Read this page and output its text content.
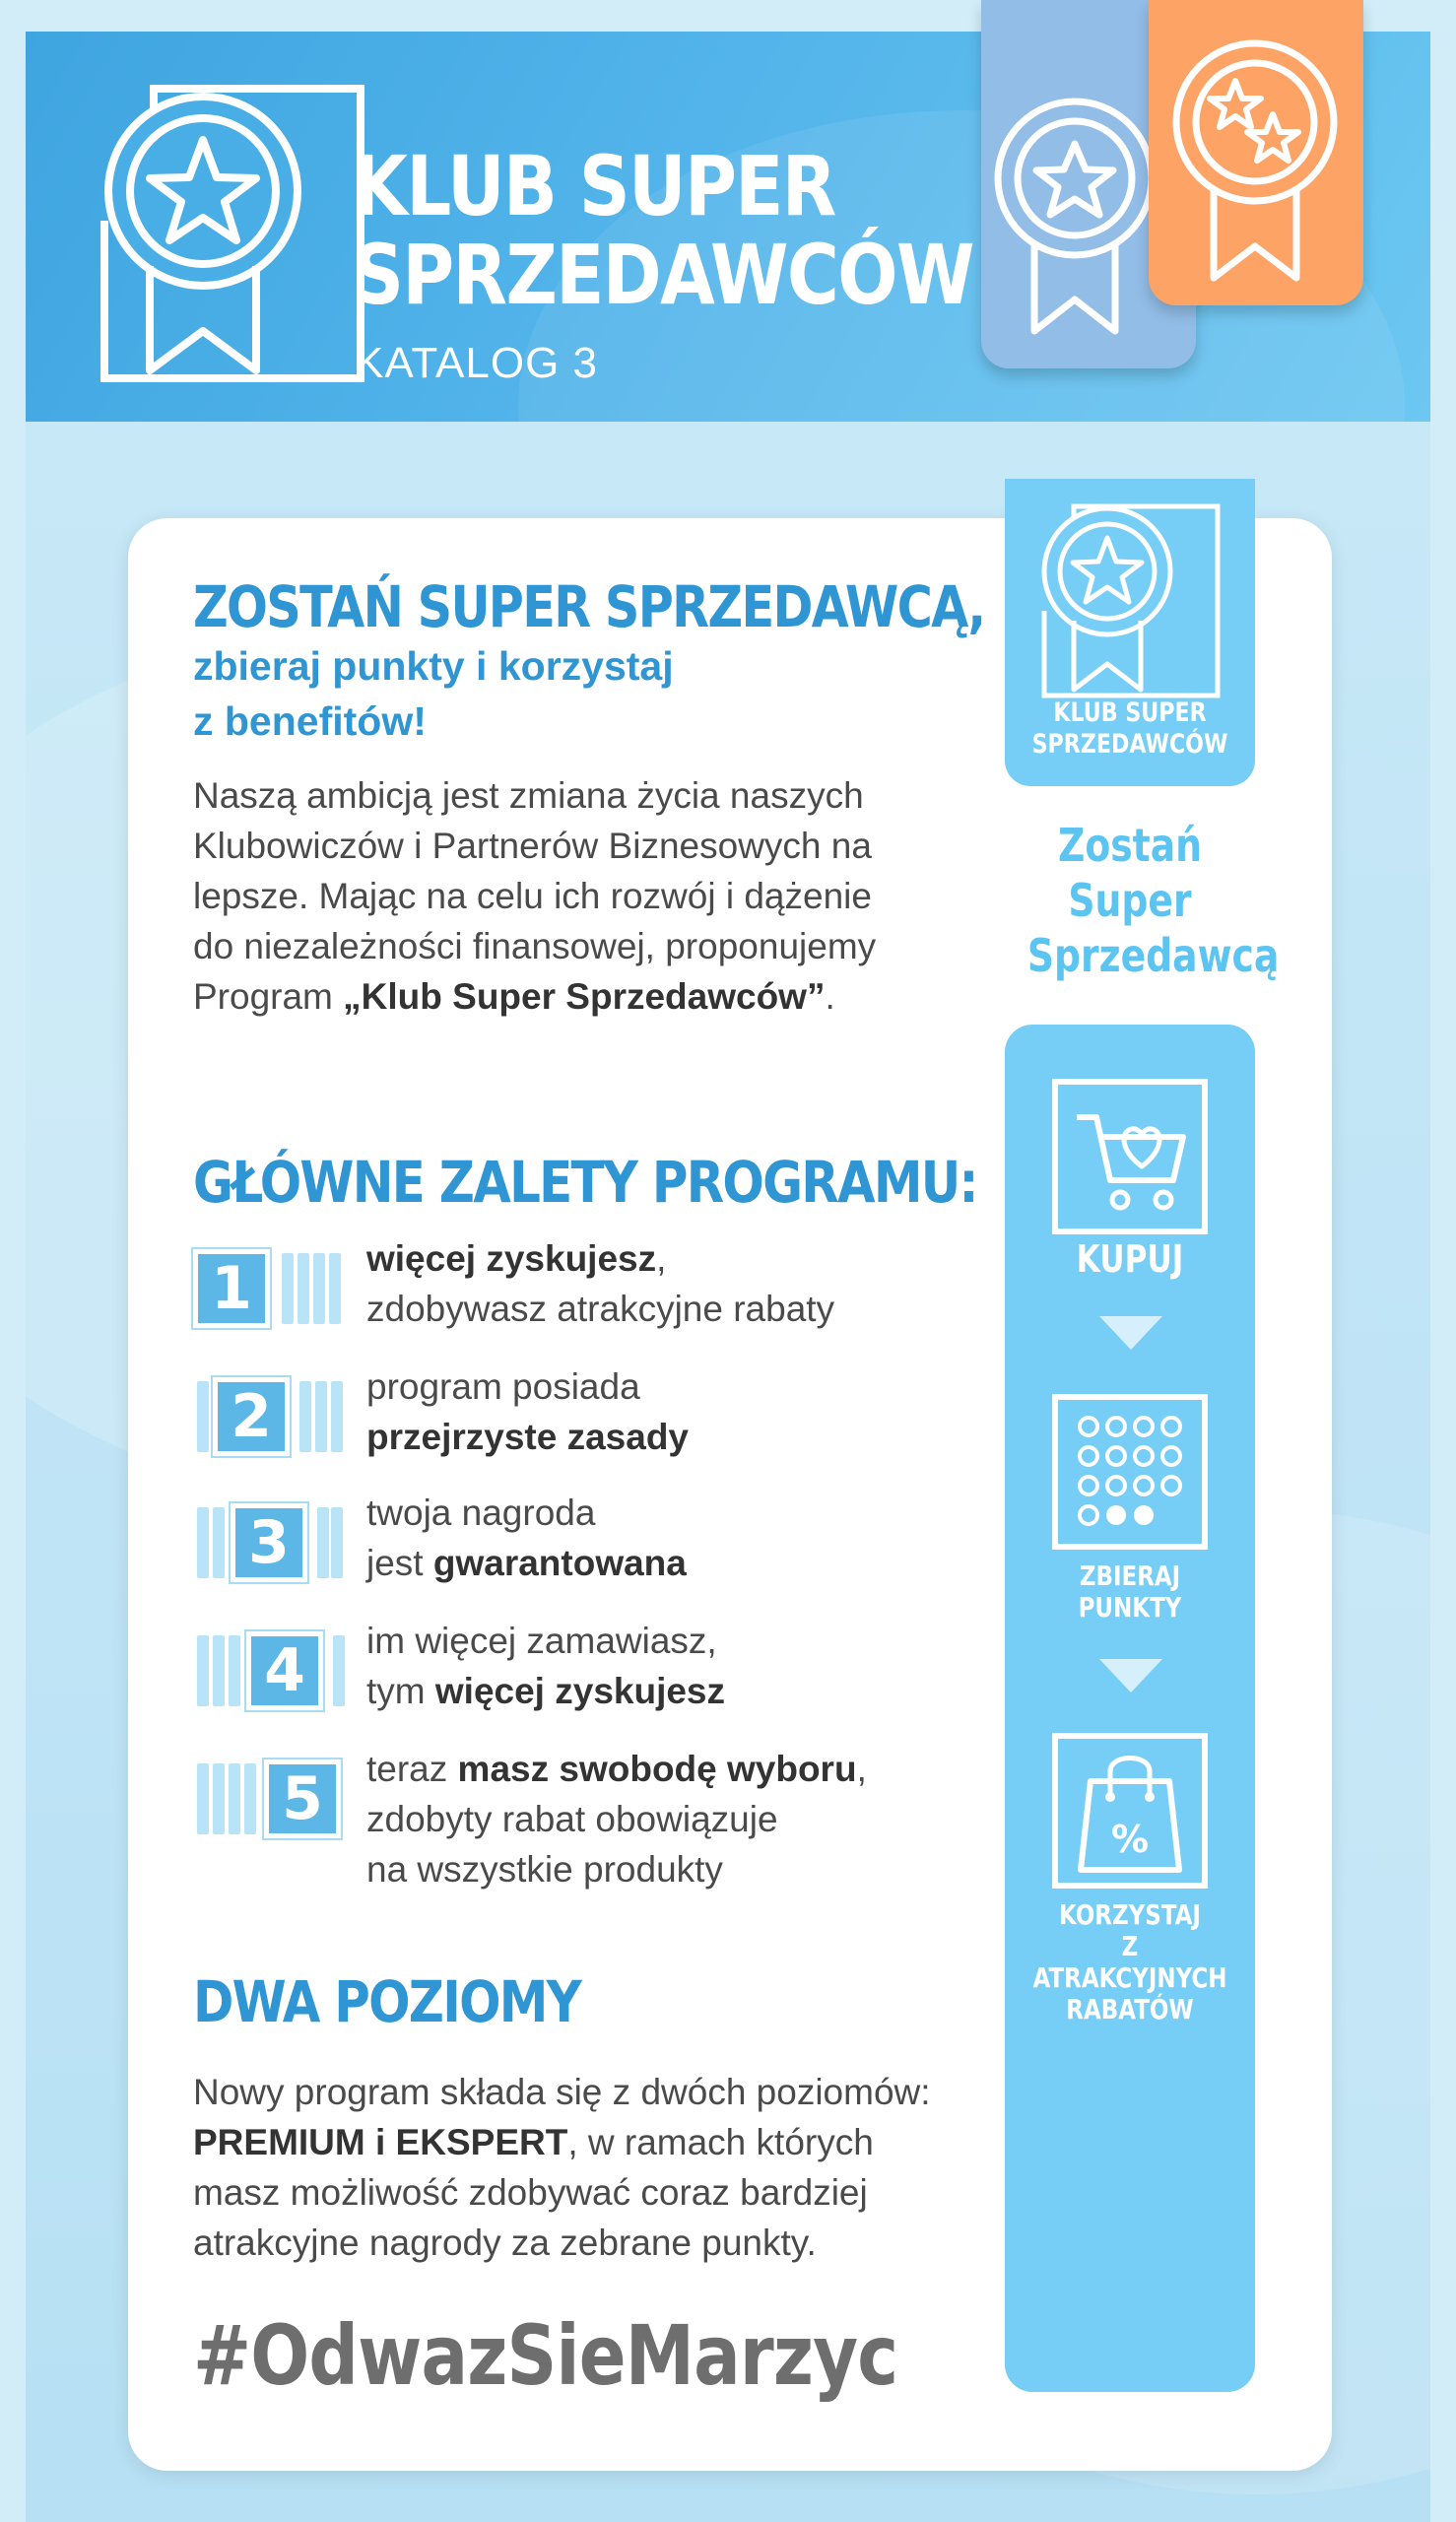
KLUB SUPER
SPRZEDAWCÓW
KATALOG 3
ZOSTAŃ SUPER SPRZEDAWCĄ,
zbieraj punkty i korzystaj
z benefitów!
Naszą ambicją jest zmiana życia naszych Klubowiczów i Partnerów Biznesowych na lepsze. Mając na celu ich rozwój i dążenie do niezależności finansowej, proponujemy Program „Klub Super Sprzedawców”.
GŁÓWNE ZALETY PROGRAMU:
1	więcej zyskujesz,
zdobywasz atrakcyjne rabaty
2	program posiada
przejrzyste zasady
3	twoja nagroda
jest gwarantowana
4	im więcej zamawiasz,
tym więcej zyskujesz
5	teraz masz swobodę wyboru,
zdobyty rabat obowiązuje
na wszystkie produkty
DWA POZIOMY
Nowy program składa się z dwóch poziomów:
PREMIUM i EKSPERT, w ramach których
masz możliwość zdobywać coraz bardziej atrakcyjne nagrody za zebrane punkty.
#OdwazSieMarzyc
KLUB SUPER
SPRZEDAWCÓW
Zostań
Super
Sprzedawcą
KUPUJ
ZBIERAJ
PUNKTY
%
KORZYSTAJ
Z ATRAKCYJNYCH
RABATÓW
